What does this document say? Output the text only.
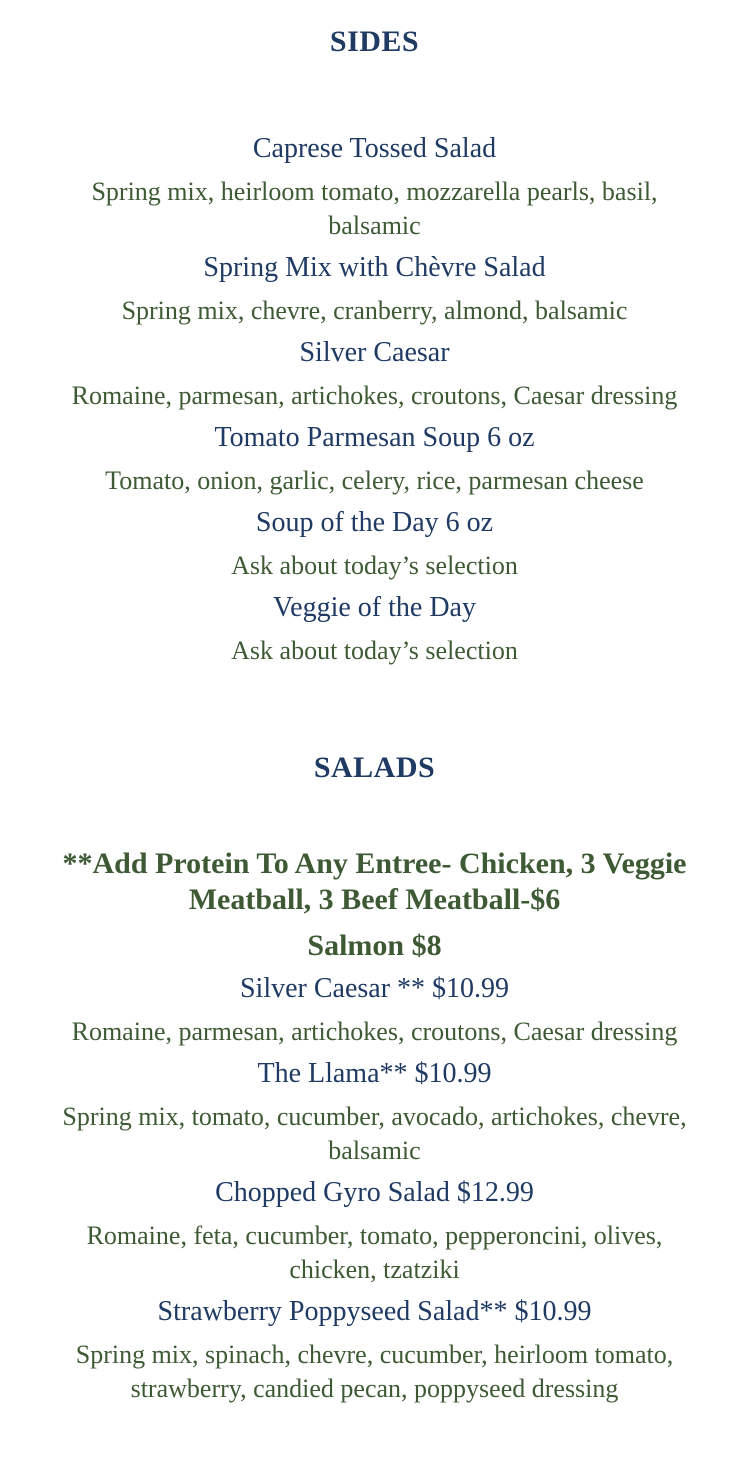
SIDES

Caprese Tossed Salad

Spring mix, heirloom tomato, mozzarella pearls, basil, balsamic

Spring Mix with Chèvre Salad

Spring mix, chevre, cranberry, almond, balsamic

Silver Caesar

Romaine, parmesan, artichokes, croutons, Caesar dressing

Tomato Parmesan Soup 6 oz

Tomato, onion, garlic, celery, rice, parmesan cheese

Soup of the Day 6 oz

Ask about today’s selection

Veggie of the Day

Ask about today’s selection

SALADS

**Add Protein To Any Entree- Chicken, 3 Veggie Meatball, 3 Beef Meatball-$6

Salmon $8

Silver Caesar ** $10.99

Romaine, parmesan, artichokes, croutons, Caesar dressing

The Llama** $10.99

Spring mix, tomato, cucumber, avocado, artichokes, chevre, balsamic

Chopped Gyro Salad $12.99

Romaine, feta, cucumber, tomato, pepperoncini, olives, chicken, tzatziki

Strawberry Poppyseed Salad** $10.99

Spring mix, spinach, chevre, cucumber, heirloom tomato, strawberry, candied pecan, poppyseed dressing
